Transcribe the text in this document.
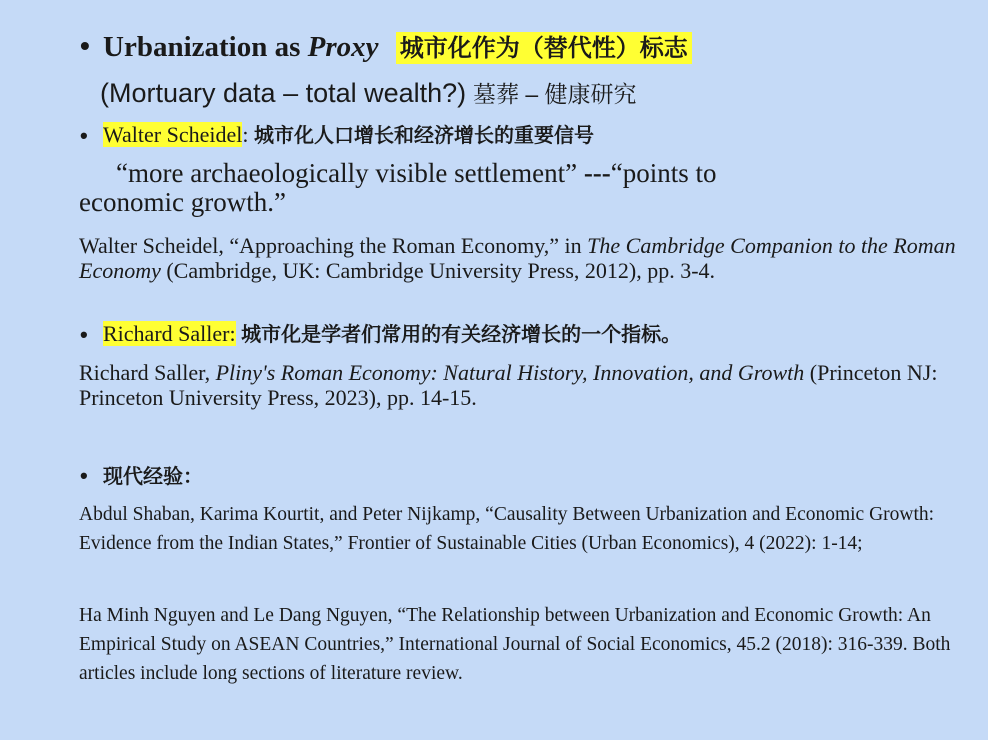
• Urbanization as Proxy 城市化作为（替代性）标志
(Mortuary data – total wealth?) 墓葬 – 健康研究
• Walter Scheidel: 城市化人口增长和经济增长的重要信号
“more archaeologically visible settlement” ---“points to
economic growth.”
Walter Scheidel, “Approaching the Roman Economy,” in The Cambridge Companion to the Roman Economy (Cambridge, UK: Cambridge University Press, 2012), pp. 3-4.
• Richard Saller: 城市化是学者们常用的有关经济增长的一个指标。
Richard Saller, Pliny's Roman Economy: Natural History, Innovation, and Growth (Princeton NJ: Princeton University Press, 2023), pp. 14-15.
• 现代经验：
Abdul Shaban, Karima Kourtit, and Peter Nijkamp, “Causality Between Urbanization and Economic Growth: Evidence from the Indian States,” Frontier of Sustainable Cities (Urban Economics), 4 (2022): 1-14;
Ha Minh Nguyen and Le Dang Nguyen, “The Relationship between Urbanization and Economic Growth: An Empirical Study on ASEAN Countries,” International Journal of Social Economics, 45.2 (2018): 316-339. Both articles include long sections of literature review.
